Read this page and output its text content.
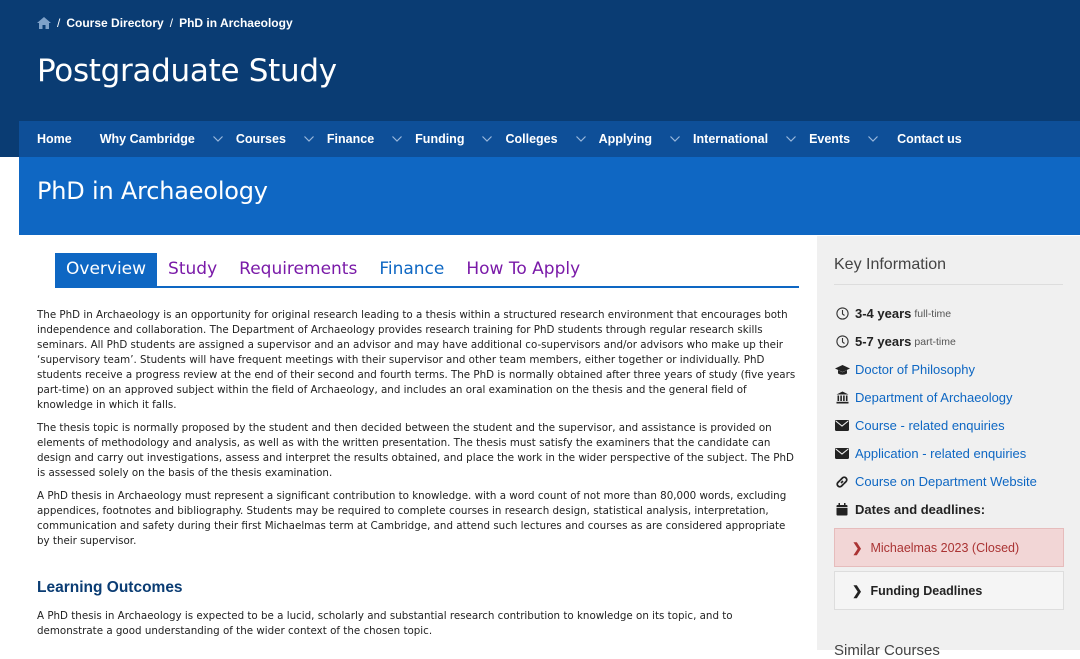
/ Course Directory / PhD in Archaeology
Postgraduate Study
Home Why Cambridge	Courses	Finance	Funding	Colleges	Applying	International	Events	Contact us
PhD in Archaeology
Overview	Study	Requirements	Finance	How To Apply

The PhD in Archaeology is an opportunity for original research leading to a thesis within a structured research environment that encourages both independence and collaboration. The Department of Archaeology provides research training for PhD students through regular research skills seminars. All PhD students are assigned a supervisor and an advisor and may have additional co-supervisors and/or advisors who make up their ‘supervisory team’. Students will have frequent meetings with their supervisor and other team members, either together or individually. PhD students receive a progress review at the end of their second and fourth terms. The PhD is normally obtained after three years of study (five years part-time) on an approved subject within the field of Archaeology, and includes an oral examination on the thesis and the general field of knowledge in which it falls.

The thesis topic is normally proposed by the student and then decided between the student and the supervisor, and assistance is provided on elements of methodology and analysis, as well as with the written presentation. The thesis must satisfy the examiners that the candidate can design and carry out investigations, assess and interpret the results obtained, and place the work in the wider perspective of the subject. The PhD is assessed solely on the basis of the thesis examination.

A PhD thesis in Archaeology must represent a significant contribution to knowledge. with a word count of not more than 80,000 words, excluding appendices, footnotes and bibliography. Students may be required to complete courses in research design, statistical analysis, interpretation, communication and safety during their first Michaelmas term at Cambridge, and attend such lectures and courses as are considered appropriate by their supervisor.

Learning Outcomes
A PhD thesis in Archaeology is expected to be a lucid, scholarly and substantial research contribution to knowledge on its topic, and to demonstrate a good understanding of the wider context of the chosen topic.
Key Information
3-4 years full-time
5-7 years part-time
Doctor of Philosophy
Department of Archaeology
Course - related enquiries
Application - related enquiries
Course on Department Website
Dates and deadlines:
❯ Michaelmas 2023 (Closed)
❯ Funding Deadlines
Similar Courses
